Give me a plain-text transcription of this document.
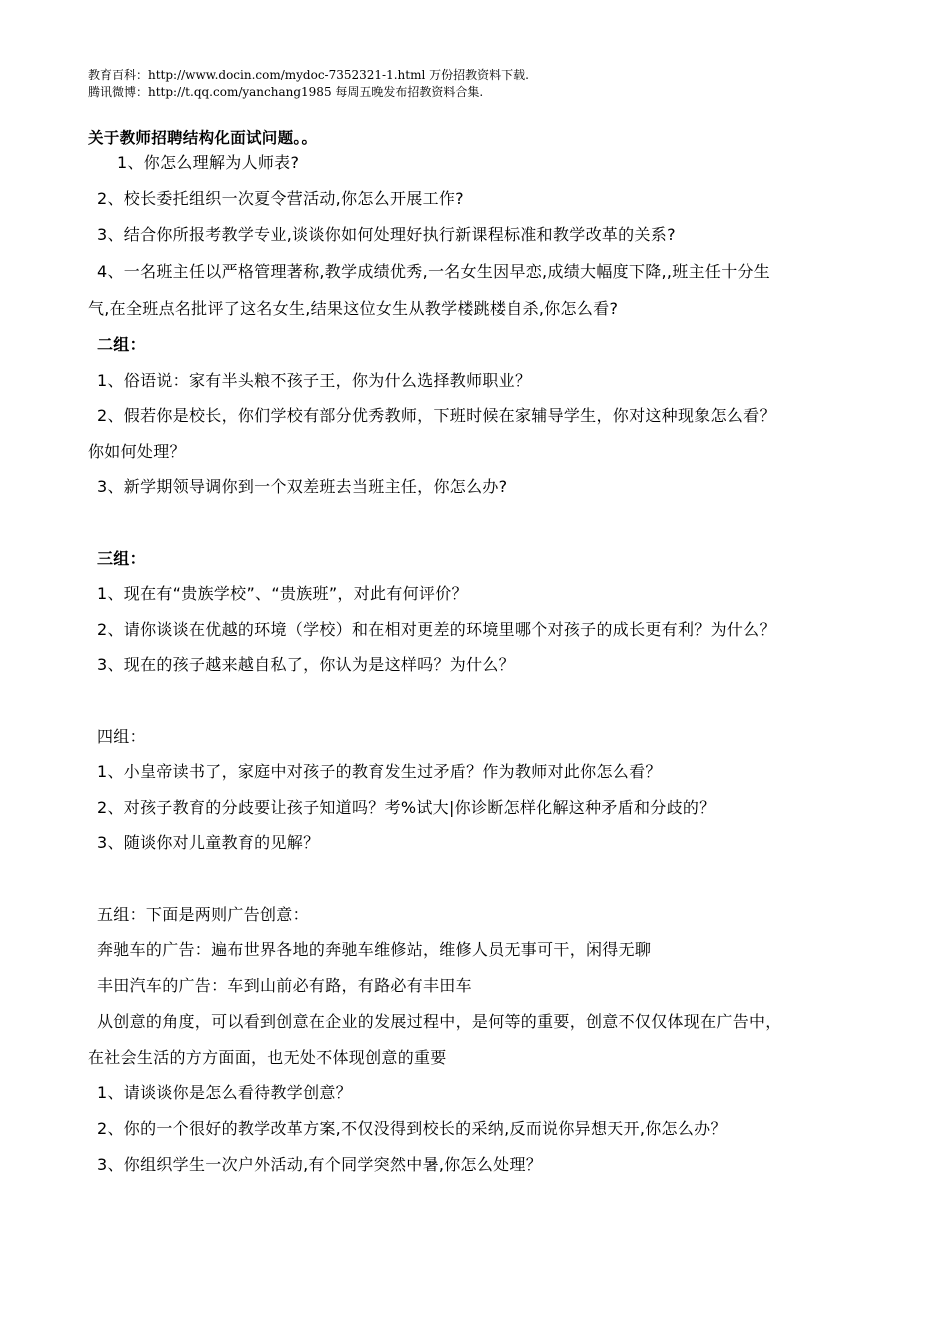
教育百科：http://www.docin.com/mydoc-7352321-1.html 万份招教资料下载.
腾讯微博：http://t.qq.com/yanchang1985 每周五晚发布招教资料合集.
关于教师招聘结构化面试问题。。
1、你怎么理解为人师表?
2、校长委托组织一次夏令营活动,你怎么开展工作?
3、结合你所报考教学专业,谈谈你如何处理好执行新课程标准和教学改革的关系?
4、一名班主任以严格管理著称,教学成绩优秀,一名女生因早恋,成绩大幅度下降,,班主任十分生
气,在全班点名批评了这名女生,结果这位女生从教学楼跳楼自杀,你怎么看?
二组：
1、俗语说：家有半头粮不孩子王，你为什么选择教师职业？
2、假若你是校长，你们学校有部分优秀教师，下班时候在家辅导学生，你对这种现象怎么看？
你如何处理？
3、新学期领导调你到一个双差班去当班主任，你怎么办?
三组：
1、现在有“贵族学校”、“贵族班”，对此有何评价？
2、请你谈谈在优越的环境（学校）和在相对更差的环境里哪个对孩子的成长更有利？为什么？
3、现在的孩子越来越自私了，你认为是这样吗？为什么？
四组：
1、小皇帝读书了，家庭中对孩子的教育发生过矛盾？作为教师对此你怎么看？
2、对孩子教育的分歧要让孩子知道吗？考%试大|你诊断怎样化解这种矛盾和分歧的？
3、随谈你对儿童教育的见解？
五组：下面是两则广告创意：
奔驰车的广告：遍布世界各地的奔驰车维修站，维修人员无事可干，闲得无聊
丰田汽车的广告：车到山前必有路，有路必有丰田车
从创意的角度，可以看到创意在企业的发展过程中，是何等的重要，创意不仅仅体现在广告中，
在社会生活的方方面面，也无处不体现创意的重要
1、请谈谈你是怎么看待教学创意？
2、你的一个很好的教学改革方案,不仅没得到校长的采纳,反而说你异想天开,你怎么办？
3、你组织学生一次户外活动,有个同学突然中暑,你怎么处理？
